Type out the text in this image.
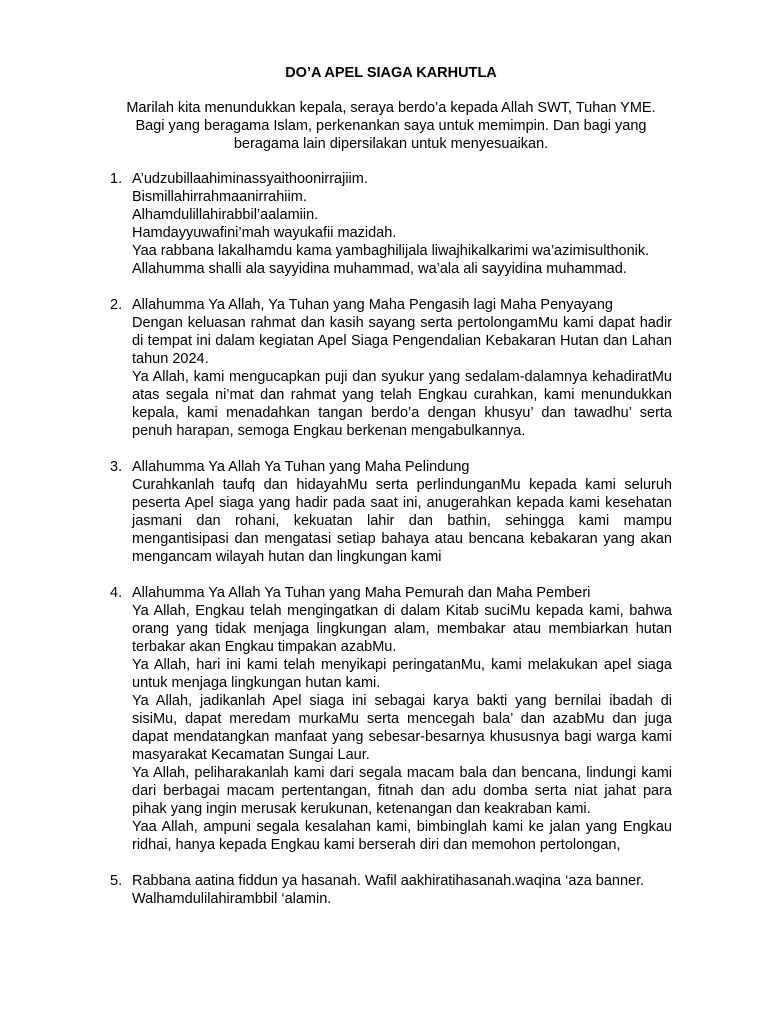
DO’A APEL SIAGA KARHUTLA

Marilah kita menundukkan kepala, seraya berdo’a kepada Allah SWT, Tuhan YME.

Bagi yang beragama Islam, perkenankan saya untuk memimpin. Dan bagi yang

beragama lain dipersilakan untuk menyesuaikan.

1. A’udzubillaahiminassyaithoonirrajiim.
Bismillahirrahmaanirrahiim.
Alhamdulillahirabbil’aalamiin.
Hamdayyuwafini’mah wayukafii mazidah.
Yaa rabbana lakalhamdu kama yambaghilijala liwajhikalkarimi wa’azimisulthonik.
Allahumma shalli ala sayyidina muhammad, wa’ala ali sayyidina muhammad.
2. Allahumma Ya Allah, Ya Tuhan yang Maha Pengasih lagi Maha Penyayang
Dengan keluasan rahmat dan kasih sayang serta pertolongamMu kami dapat hadir di tempat ini dalam kegiatan Apel Siaga Pengendalian Kebakaran Hutan dan Lahan tahun 2024.
Ya Allah, kami mengucapkan puji dan syukur yang sedalam-dalamnya kehadiratMu atas segala ni’mat dan rahmat yang telah Engkau curahkan, kami menundukkan kepala, kami menadahkan tangan berdo’a dengan khusyu’ dan tawadhu’ serta penuh harapan, semoga Engkau berkenan mengabulkannya.
3. Allahumma Ya Allah Ya Tuhan yang Maha Pelindung
Curahkanlah taufq dan hidayahMu serta perlindunganMu kepada kami seluruh peserta Apel siaga yang hadir pada saat ini, anugerahkan kepada kami kesehatan jasmani dan rohani, kekuatan lahir dan bathin, sehingga kami mampu mengantisipasi dan mengatasi setiap bahaya atau bencana kebakaran yang akan mengancam wilayah hutan dan lingkungan kami
4. Allahumma Ya Allah Ya Tuhan yang Maha Pemurah dan Maha Pemberi
Ya Allah, Engkau telah mengingatkan di dalam Kitab suciMu kepada kami, bahwa orang yang tidak menjaga lingkungan alam, membakar atau membiarkan hutan terbakar akan Engkau timpakan azabMu.
Ya Allah, hari ini kami telah menyikapi peringatanMu, kami melakukan apel siaga untuk menjaga lingkungan hutan kami.
Ya Allah, jadikanlah Apel siaga ini sebagai karya bakti yang bernilai ibadah di sisiMu, dapat meredam murkaMu serta mencegah bala’ dan azabMu dan juga dapat mendatangkan manfaat yang sebesar-besarnya khususnya bagi warga kami masyarakat Kecamatan Sungai Laur.
Ya Allah, peliharakanlah kami dari segala macam bala dan bencana, lindungi kami dari berbagai macam pertentangan, fitnah dan adu domba serta niat jahat para pihak yang ingin merusak kerukunan, ketenangan dan keakraban kami.
Yaa Allah, ampuni segala kesalahan kami, bimbinglah kami ke jalan yang Engkau ridhai, hanya kepada Engkau kami berserah diri dan memohon pertolongan,
5. Rabbana aatina fiddun ya hasanah. Wafil aakhiratihasanah.waqina ‘aza banner.
Walhamdulilahirambbil ‘alamin.
